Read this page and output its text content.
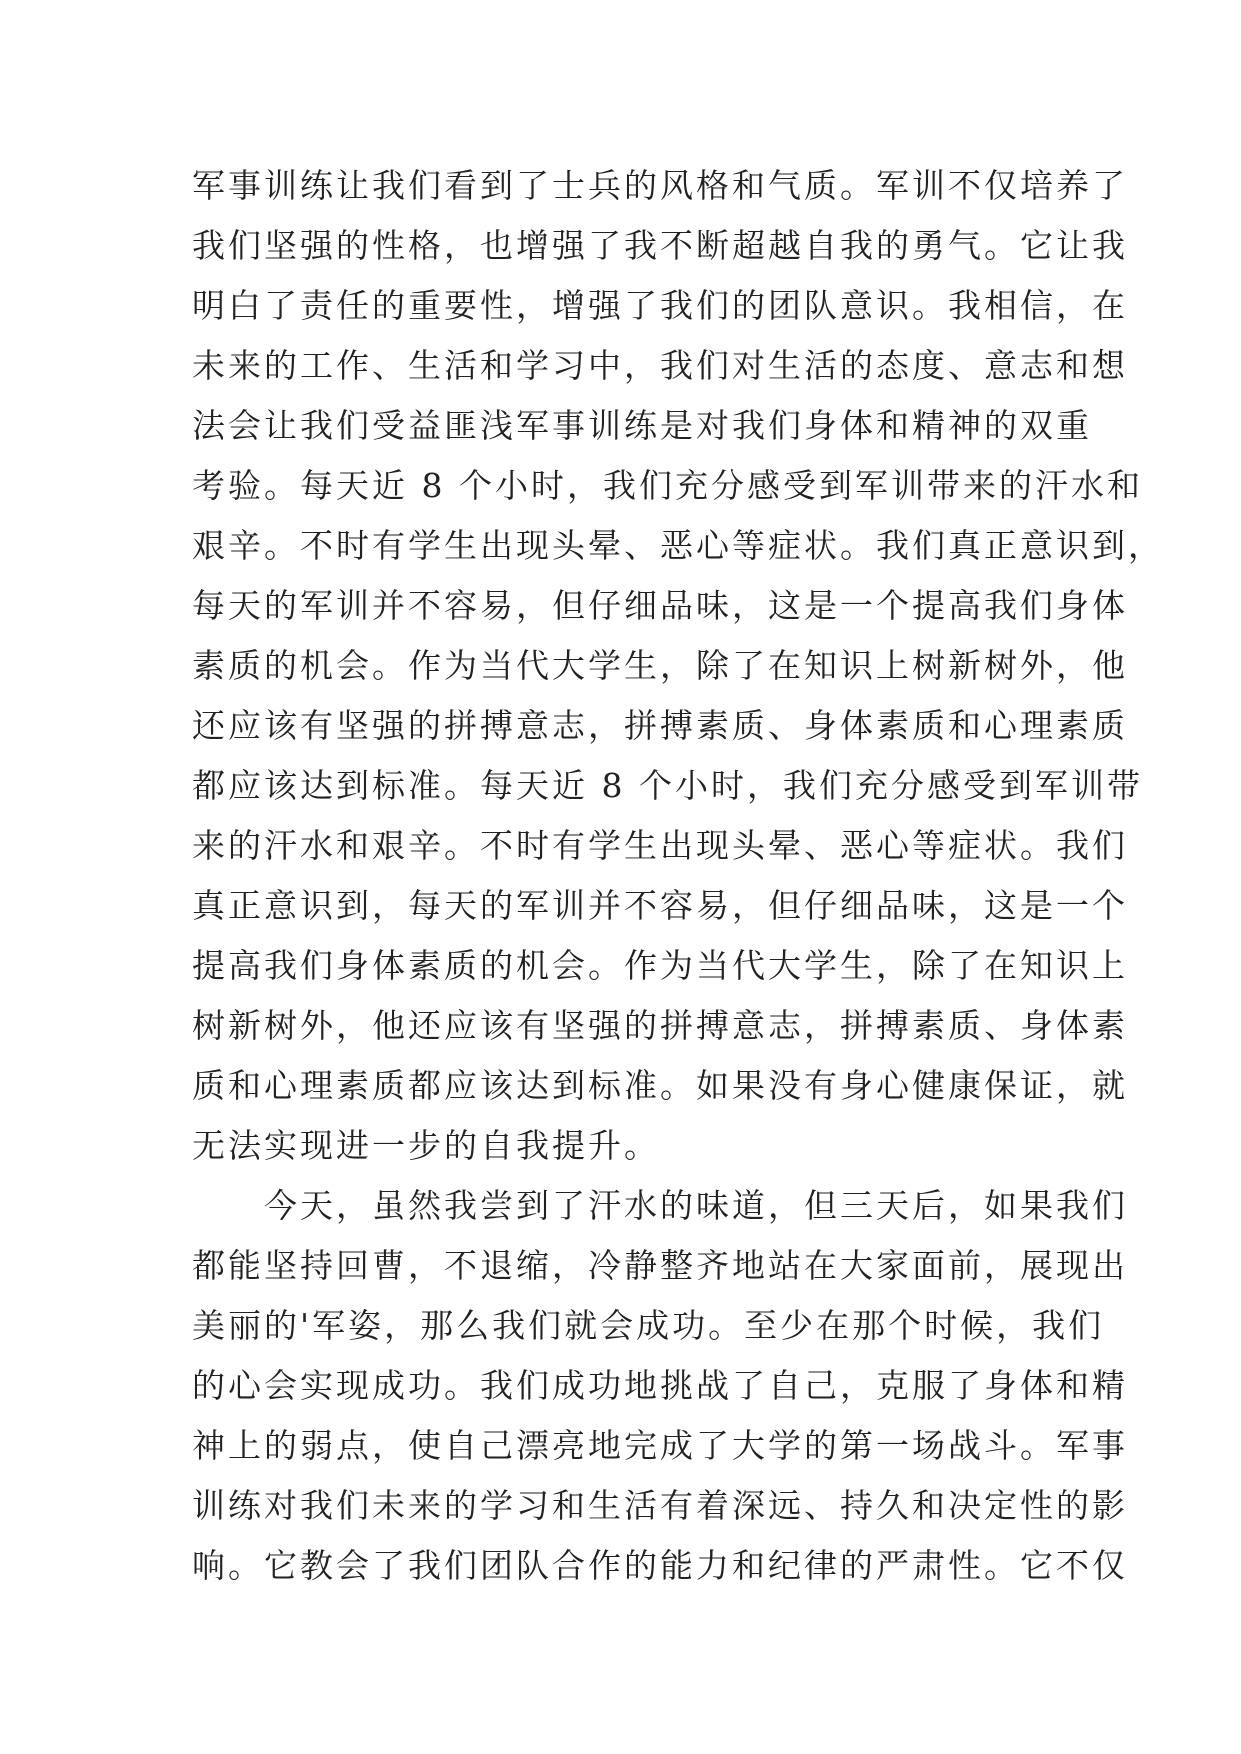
军事训练让我们看到了士兵的风格和气质。军训不仅培养了
我们坚强的性格，也增强了我不断超越自我的勇气。它让我
明白了责任的重要性，增强了我们的团队意识。我相信，在
未来的工作、生活和学习中，我们对生活的态度、意志和想
法会让我们受益匪浅军事训练是对我们身体和精神的双重
考验。每天近 8 个小时，我们充分感受到军训带来的汗水和
艰辛。不时有学生出现头晕、恶心等症状。我们真正意识到，
每天的军训并不容易，但仔细品味，这是一个提高我们身体
素质的机会。作为当代大学生，除了在知识上树新树外，他
还应该有坚强的拼搏意志，拼搏素质、身体素质和心理素质
都应该达到标准。每天近 8 个小时，我们充分感受到军训带
来的汗水和艰辛。不时有学生出现头晕、恶心等症状。我们
真正意识到，每天的军训并不容易，但仔细品味，这是一个
提高我们身体素质的机会。作为当代大学生，除了在知识上
树新树外，他还应该有坚强的拼搏意志，拼搏素质、身体素
质和心理素质都应该达到标准。如果没有身心健康保证，就
无法实现进一步的自我提升。
　　今天，虽然我尝到了汗水的味道，但三天后，如果我们
都能坚持回曹，不退缩，冷静整齐地站在大家面前，展现出
美丽的'军姿，那么我们就会成功。至少在那个时候，我们
的心会实现成功。我们成功地挑战了自己，克服了身体和精
神上的弱点，使自己漂亮地完成了大学的第一场战斗。军事
训练对我们未来的学习和生活有着深远、持久和决定性的影
响。它教会了我们团队合作的能力和纪律的严肃性。它不仅
